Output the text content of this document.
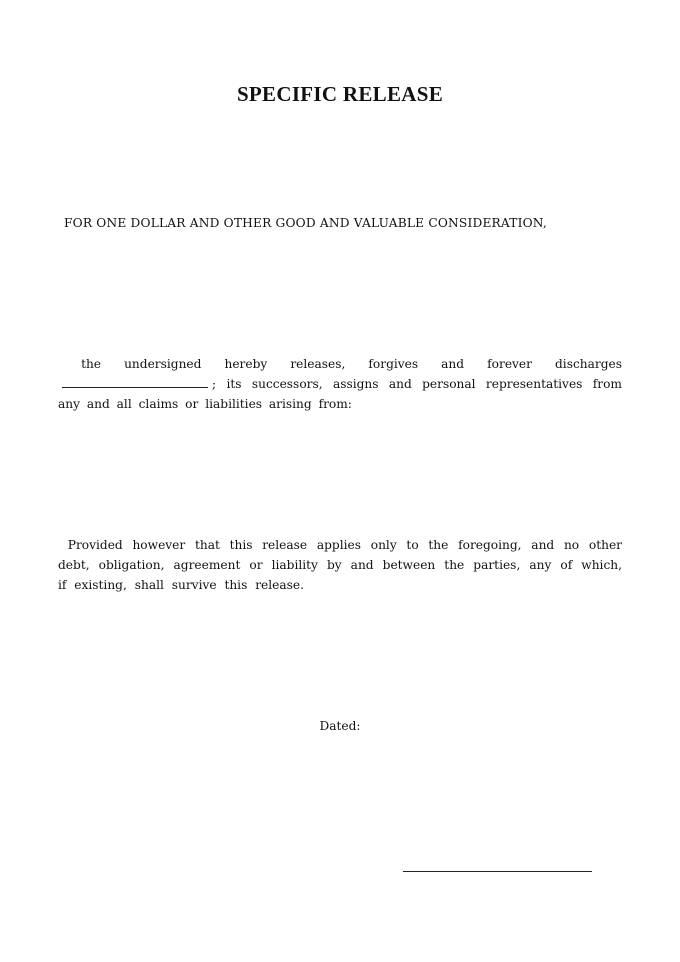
SPECIFIC RELEASE
FOR ONE DOLLAR AND OTHER GOOD AND VALUABLE CONSIDERATION,
the undersigned hereby releases, forgives and forever discharges; its successors, assigns and personal representatives from any and all claims or liabilities arising from:
Provided however that this release applies only to the foregoing, and no other debt, obligation, agreement or liability by and between the parties, any of which, if existing, shall survive this release.
Dated:
